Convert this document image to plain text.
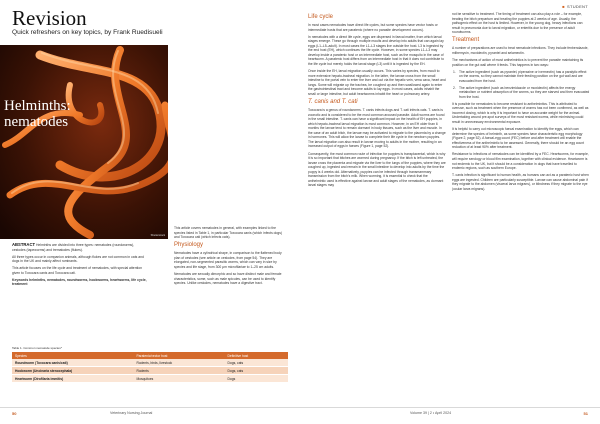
Revision
Quick refreshers on key topics, by Frank Ruedisueli
Helminths:
nematodes
Shutterstock

ABSTRACT Helminths are divided into three types: nematodes (roundworms), cestodes (tapeworms) and trematodes (flukes).

All three types occur in companion animals, although flukes are not common in cats and dogs in the UK and mainly affect ruminants.

This article focuses on the life cycle and treatment of nematodes, with special attention given to Toxocara canis and Toxocara cati.

Keywords helminths, nematodes, roundworms, hookworms, heartworms, life cycle, treatment

This article covers nematodes in general, with examples linked to the species listed in Table 1, in particular Toxocara canis (which infects dogs) and Toxocara cati (which infects cats).

Physiology

Nematodes have a cylindrical shape, in comparison to the flattened body plan of cestodes (see article on cestodes, from page 54). They are elongated, non-segmented parasitic worms, which can vary in size by species and life stage, from 300 μm microfilariae to 1–25 cm adults.

Nematodes are sexually dimorphic and so have distinct male and female characteristics, some, such as male spicules, can be used to identify species. Unlike cestodes, nematodes have a digestive tract.

Table 1. Common nematode species*
Species	Paratenic/vector host	Definitive host
Roundworm (Toxocara canis/cati)	Rodents, birds, livestock	Dogs, cats
Hookworm (Uncinaria stenocephala)	Rodents	Dogs, cats
Heartworm (Dirofilaria immitis)	Mosquitoes	Dogs
50	Veterinary Nursing Journal
■ STUDENT
Life cycle

In most cases nematodes have direct life cycles, but some species have vector hosts or intermediate hosts that are paratenic (where no parasite development occurs).

In nematodes with a direct life cycle, eggs are dispersed in faecal matter, from which larval stages emerge. These go through multiple moults and develop into adults that can again lay eggs (L1–L5–adult). In most cases the L1–L3 stages live outside the host. L3 is ingested by the end host (EH), which continues the life cycle. However, in some species L1–L3 may develop inside a paratenic host or an intermediate host, such as the mosquito in the case of heartworm. A paratenic host differs from an intermediate host in that it does not contribute to the life cycle but merely holds the larval stage (L3) until it is ingested by the EH.

Once inside the EH, larval migration usually occurs. This varies by species, from moult to more extensive hepato-tracheal migration. In the latter, the larvae cross from the small intestine to the portal vein to enter the liver and out via the hepatic vein, vena cava, heart and lungs. Some will migrate up the trachea, be coughed up and then swallowed again to enter the gastrointestinal tract and become adults to lay eggs. In most cases, adults inhabit the small or large intestine, but adult heartworms inhabit the heart or pulmonary artery.

T. canis and T. cati

Toxocara is a genus of roundworms. T. canis infects dogs and T. cati infects cats. T. canis is zoonotic and is considered to be the most common aroused parasite. Adult worms are found in the small intestine. T. canis can have a significant impact on the health of EH puppies, in which hepato-tracheal larval migration is most common. However, in an EH older than 6 months the larvae tend to remain dormant in body tissues, such as the liver and muscle. In the case of an adult bitch, the larvae may be activated to migrate to the placenta by a change in hormones. This will allow the larvae to complete their life cycle in the newborn puppies. The larval migration can also result in larvae moving to adults in the mother, resulting in an increased output of eggs in faeces (Figure 1, page 52).

Consequently, the most common route of infection for puppies is transplacental, which is why it is so important that bitches are wormed during pregnancy. If the bitch is left untreated, the larvae cross the placenta and migrate via the liver to the lungs of the puppies, where they are coughed up, ingested and remain in the small intestine to develop into adults by the time the puppy is 4 weeks old. Alternatively, puppies can be infected through transmammary transmission from the bitch's milk. When worming, it is essential to check that the anthelmintic used is effective against larvae and adult stages of the nematodes, as dormant larval stages may

not be sensitive to treatment. The timing of treatment can also play a role – for example, treating the bitch prepartum and treating the puppies at 2 weeks of age. Usually, the pathogenic effect on the host is limited. However, in the young dog, heavy infections can result in pneumonia due to larval migration, or enteritis due to the presence of adult roundworms.

Treatment

A number of preparations are used to treat nematode infections. They include fenbendazole, milbemycin, moxidectin, pyrantel and selamectin.

The mechanisms of action of most anthelmintics is to prevent the parasite maintaining its position on the gut wall where it feeds. This happens in two ways:

1. The active ingredient (such as pyrantel, piperazine or ivermectin) has a paralytic effect on the worms, so they cannot maintain their feeding position on the gut wall and are evacuated from the host.
2. The active ingredient (such as benzimidazole or moxidectin) affects the energy metabolism or nutrient absorption of the worms, so they are starved and then evacuated from the host.

It is possible for nematodes to become resistant to anthelmintics. This is attributed to overuse, such as treatment when the presence of worms has not been confirmed, as well as incorrect dosing, which is why it is important to have an accurate weight for the animal. Undertaking wound pre-spot surveys of the most resistant worms, while minimising could result in unnecessary environmental exposure.

It is helpful to carry out microscopic faecal examination to identify the eggs, which can determine the species of helminth, as some species have characteristic egg morphology (Figure 2, page 52). A faecal-egg count (FEC) before and after treatment will enable the effectiveness of the anthelmintic to be assessed. Generally, there should be an egg count reduction of at least 90% after treatment.

Resistance to infections of nematodes can be identified by a FEC. Heartworms, for example, will require serology or blood film examination, together with clinical evidence. Heartworm is not endemic to the UK, but it should be a consideration in dogs that have travelled to endemic regions, such as southern Europe.

T. canis infection is significant to human health, as humans can act as a paratenic host when eggs are ingested. Children are particularly susceptible. Larvae can cause abdominal pain if they migrate to the abdomen (visceral larva migrans), or blindness if they migrate to the eye (ocular larva migrans).

Volume 39 | 2 • April 2024	51
